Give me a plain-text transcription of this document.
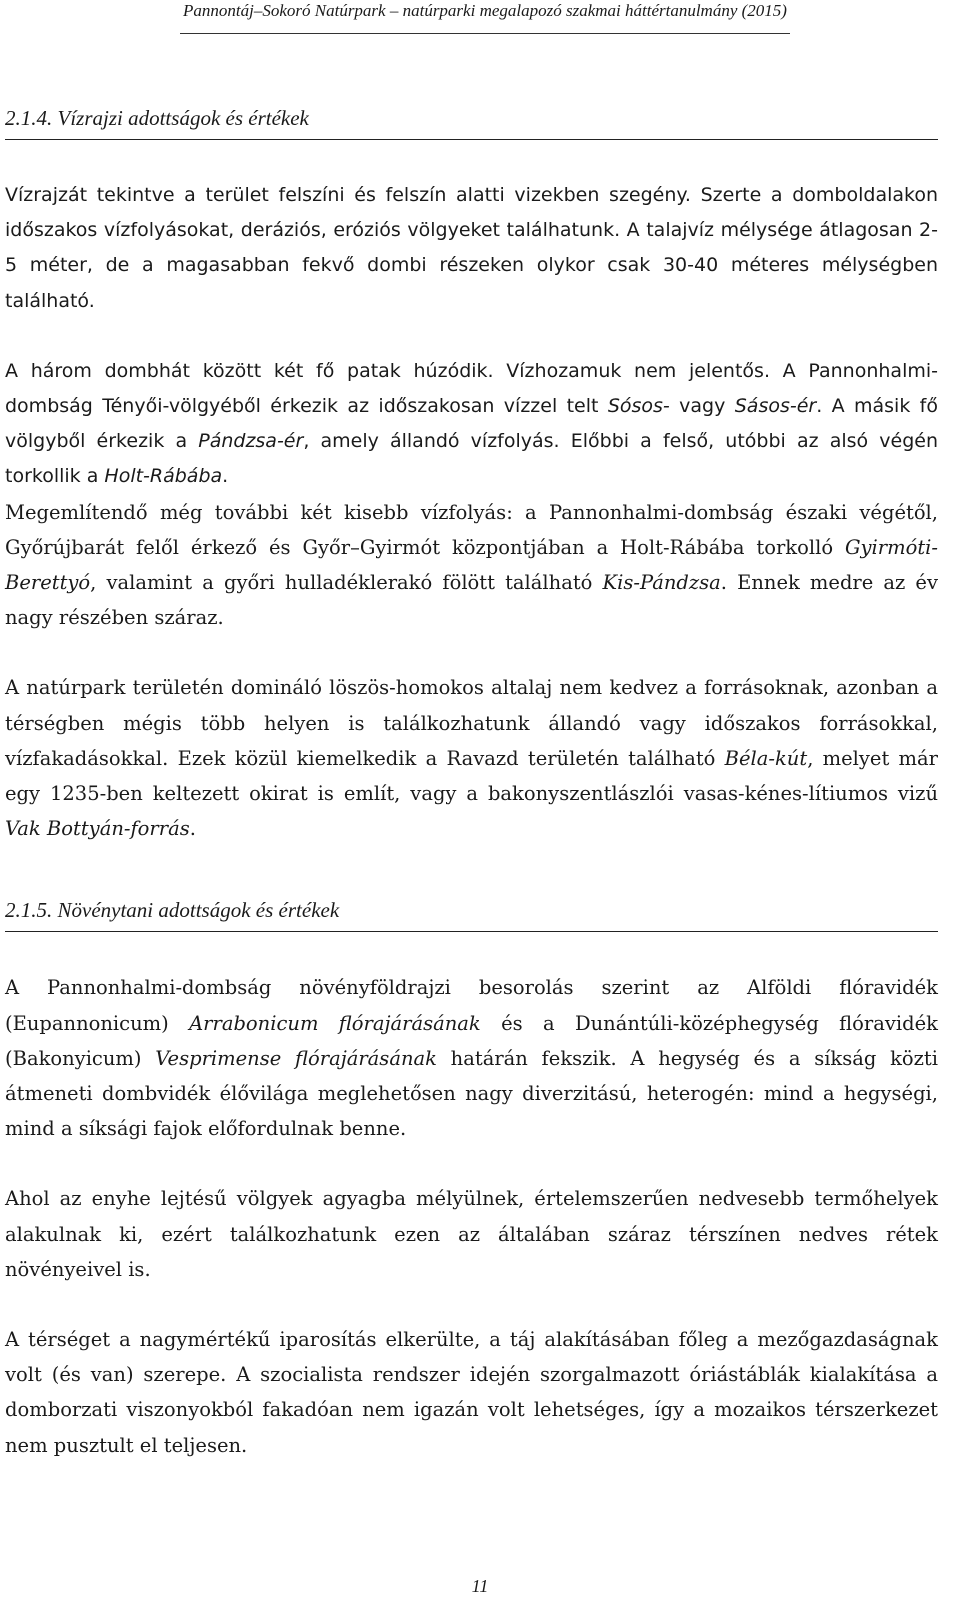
Pannontáj–Sokoró Natúrpark – natúrparki megalapozó szakmai háttértanulmány (2015)
2.1.4. Vízrajzi adottságok és értékek

Vízrajzát tekintve a terület felszíni és felszín alatti vizekben szegény. Szerte a domboldalakon időszakos vízfolyásokat, deráziós, eróziós völgyeket találhatunk. A talajvíz mélysége átlagosan 2-5 méter, de a magasabban fekvő dombi részeken olykor csak 30-40 méteres mélységben található.

A három dombhát között két fő patak húzódik. Vízhozamuk nem jelentős. A Pannonhalmi-dombság Tényői-völgyéből érkezik az időszakosan vízzel telt Sósos- vagy Sásos-ér. A másik fő völgyből érkezik a Pándzsa-ér, amely állandó vízfolyás. Előbbi a felső, utóbbi az alsó végén torkollik a Holt-Rábába.

Megemlítendő még további két kisebb vízfolyás: a Pannonhalmi-dombság északi végétől, Győrújbarát felől érkező és Győr–Gyirmót központjában a Holt-Rábába torkolló Gyirmóti-Berettyó, valamint a győri hulladéklerakó fölött található Kis-Pándzsa. Ennek medre az év nagy részében száraz.

A natúrpark területén domináló löszös-homokos altalaj nem kedvez a forrásoknak, azonban a térségben mégis több helyen is találkozhatunk állandó vagy időszakos forrásokkal, vízfakadásokkal. Ezek közül kiemelkedik a Ravazd területén található Béla-kút, melyet már egy 1235-ben keltezett okirat is említ, vagy a bakonyszentlászlói vasas-kénes-lítiumos vizű Vak Bottyán-forrás.

2.1.5. Növénytani adottságok és értékek

A Pannonhalmi-dombság növényföldrajzi besorolás szerint az Alföldi flóravidék (Eupannonicum) Arrabonicum flórajárásának és a Dunántúli-középhegység flóravidék (Bakonyicum) Vesprimense flórajárásának határán fekszik. A hegység és a síkság közti átmeneti dombvidék élővilága meglehetősen nagy diverzitású, heterogén: mind a hegységi, mind a síksági fajok előfordulnak benne.

Ahol az enyhe lejtésű völgyek agyagba mélyülnek, értelemszerűen nedvesebb termőhelyek alakulnak ki, ezért találkozhatunk ezen az általában száraz térszínen nedves rétek növényeivel is.

A térséget a nagymértékű iparosítás elkerülte, a táj alakításában főleg a mezőgazdaságnak volt (és van) szerepe. A szocialista rendszer idején szorgalmazott óriástáblák kialakítása a domborzati viszonyokból fakadóan nem igazán volt lehetséges, így a mozaikos térszerkezet nem pusztult el teljesen.

11
